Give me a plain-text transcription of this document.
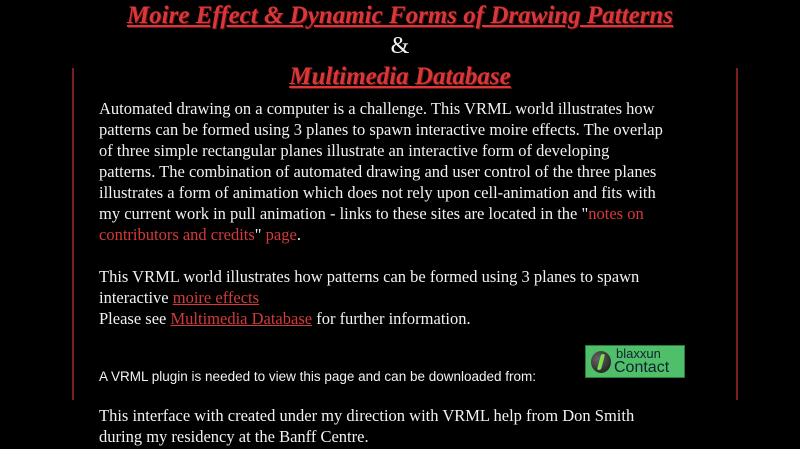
Moire Effect & Dynamic Forms of Drawing Patterns
&
Multimedia Database
Automated drawing on a computer is a challenge. This VRML world illustrates how
patterns can be formed using 3 planes to spawn interactive moire effects. The overlap
of three simple rectangular planes illustrate an interactive form of developing
patterns. The combination of automated drawing and user control of the three planes
illustrates a form of animation which does not rely upon cell-animation and fits with
my current work in pull animation - links to these sites are located in the "notes on
contributors and credits" page.
This VRML world illustrates how patterns can be formed using 3 planes to spawn
interactive moire effects
Please see Multimedia Database for further information.
A VRML plugin is needed to view this page and can be downloaded from:
blaxxun
Contact
This interface with created under my direction with VRML help from Don Smith
during my residency at the Banff Centre.
